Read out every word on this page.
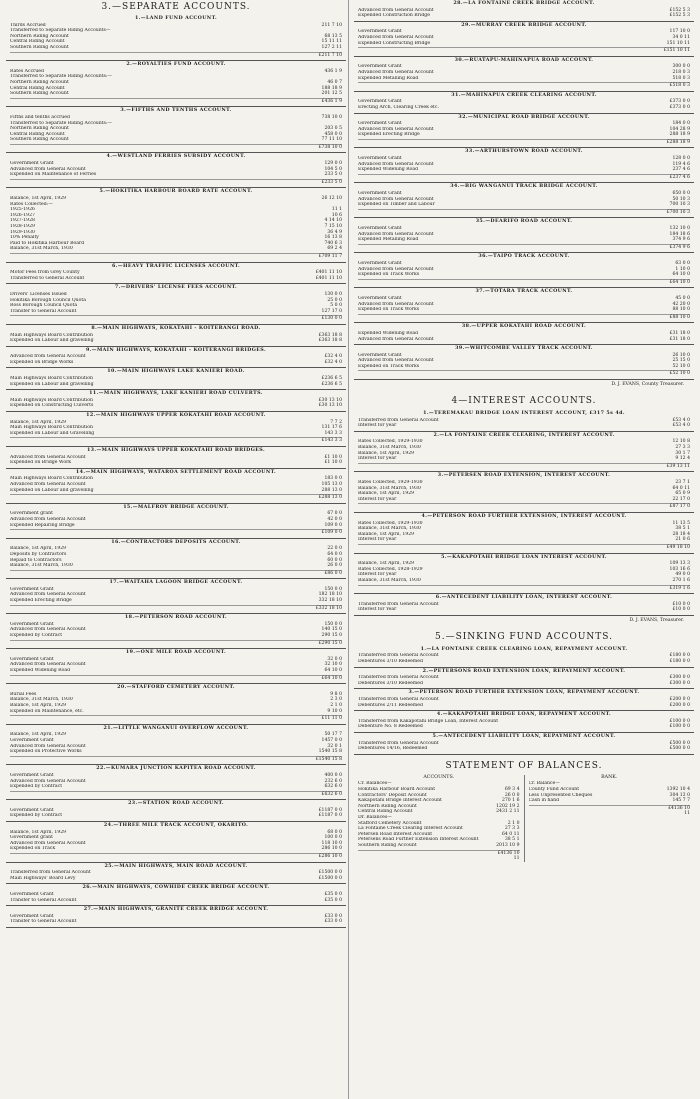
3.—SEPARATE ACCOUNTS.
1.—LAND FUND ACCOUNT.
Thirds Accrued	211 7 10
Transferred to Separate Riding Accounts—
Northern Riding Account	68 13 5
Central Riding Account	15 11 11
Southern Riding Account	127 2 11
£211 7 10
2.—ROYALTIES FUND ACCOUNT.
Rates Accrued	436 1 9
Transferred to Separate Riding Accounts:—
Northern Riding Account	46 0 7
Central Riding Account	188 18 9
Southern Riding Account	201 12 5
£436 1 9
3.—FIFTHS AND TENTHS ACCOUNT.
Fifths and tenths accrued	738 10 0
Transferred to Separate Riding Accounts:—
Northern Riding Account	203 0 5
Central Riding Account	458 0 0
Southern Riding Account	77 11 10
£738 10 0
4.—WESTLAND FERRIES SUBSIDY ACCOUNT.
Government Grant	129 0 0
Advanced from General Account	104 5 0
Expended on Maintenance of Ferries	233 5 0
£233 5 0
5.—HOKITIKA HARBOUR BOARD RATE ACCOUNT.
Balance, 1st April, 1929	26 12 10
Rates Collected:—
1925-1926	11 1
1926-1927	10 6
1927-1928	4 14 10
1928-1929	7 15 10
1929-1930	36 4 9
10% Penalty	16 13 8
Paid to Hokitika Harbour Board	740 6 3
Balance, 31st March, 1930	69 2 4
£709 11 7
6.—HEAVY TRAFFIC LICENSES ACCOUNT.
Motor Fees from Grey County	£401 11 10
Transferred to General Account	£401 11 10
7.—DRIVERS' LICENSE FEES ACCOUNT.
Drivers' Licenses Issued	130 0 0
Hokitika Borough Council Quota	25 0 0
Ross Borough Council Quota	5 0 0
Transfer to General Account	127 17 0
£130 0 0
8.—MAIN HIGHWAYS, KOKATAHI - KOITERANGI ROAD.
Main Highways Board Contribution	£363 18 8
Expended on Labour and gravelling	£363 18 8
9.—MAIN HIGHWAYS, KOKATAHI - KOITERANGI BRIDGES.
Advanced from General Account	£32 4 0
Expended on Bridge Works	£32 4 0
10.—MAIN HIGHWAYS LAKE KANIERI ROAD.
Main Highways Board Contribution	£236 6 5
Expended on Labour and gravelling	£236 6 5
11.—MAIN HIGHWAYS, LAKE KANIERI ROAD CULVERTS.
Main Highways Board Contribution	£30 13 10
Expended on Constructing Culverts	£30 13 10
12.—MAIN HIGHWAYS UPPER KOKATAHI ROAD ACCOUNT.
Balance, 1st April, 1929	7 7 2
Main Highways Board Contribution	131 17 6
Expended on Labour and Gravelling	143 3 3
£143 3 3
13.—MAIN HIGHWAYS UPPER KOKATAHI ROAD BRIDGES.
Advanced from General Account	£1 10 0
Expended on Bridge Work	£1 10 0
14.—MAIN HIGHWAYS, WATAROA SETTLEMENT ROAD ACCOUNT.
Main Highways Board Contribution	183 0 0
Advanced from General Account	105 13 0
Expended on Labour and gravelling	288 13 0
£288 13 0
15.—MALFROY BRIDGE ACCOUNT.
Government grant	67 0 0
Advanced from General Account	42 0 0
Expended Repairing Bridge	109 0 0
£109 0 0
16.—CONTRACTORS DEPOSITS ACCOUNT.
Balance, 1st April, 1929	22 0 0
Deposits by Contractors	64 0 0
Repaid to Contractors	60 0 0
Balance, 31st March, 1930	26 0 0
£86 0 0
17.—WAITAHA LAGOON BRIDGE ACCOUNT.
Government Grant	150 0 0
Advanced from General Account	182 18 10
Expended Erecting Bridge	332 18 10
£332 18 10
18.—PETERSON ROAD ACCOUNT.
Government Grant	150 0 0
Advanced from General Account	140 15 0
Expended by Contract	290 15 0
£290 15 0
19.—ONE MILE ROAD ACCOUNT.
Government Grant	32 0 0
Advanced from General Account	32 10 0
Expended Widening Road	64 10 0
£64 10 0
20.—STAFFORD CEMETERY ACCOUNT.
Burial Fees	9 8 0
Balance, 31st March, 1930	2 3 0
Balance, 1st April, 1929	2 1 0
Expended on Maintenance, etc.	9 10 0
£11 11 0
21.—LITTLE WANGANUI OVERFLOW ACCOUNT.
Balance, 1st April, 1929	50 17 7
Government Grant	1457 0 0
Advanced from General Account	32 0 1
Expended on Protective Works	1540 15 8
£1540 15 8
22.—KUMARA JUNCTION KAPITEA ROAD ACCOUNT.
Government Grant	400 0 0
Advanced from General Account	232 6 0
Expended by Contract	632 6 0
£632 6 0
23.—STATION ROAD ACCOUNT.
Government Grant	£1187 0 0
Expended by Contract	£1187 0 0
24.—THREE MILE TRACK ACCOUNT, OKARITO.
Balance, 1st April, 1929	68 0 0
Government grant	100 0 0
Advanced from General Account	118 10 0
Expended on Track	286 10 0
£286 10 0
25.—MAIN HIGHWAYS, MAIN ROAD ACCOUNT.
Transferred from General Account	£1500 0 0
Main Highways' Board Levy	£1500 0 0
26.—MAIN HIGHWAYS, COWHIDE CREEK BRIDGE ACCOUNT.
Government Grant	£35 0 0
Transfer to General Account	£35 0 0
27.—MAIN HIGHWAYS, GRANITE CREEK BRIDGE ACCOUNT.
Government Grant	£33 0 0
Transfer to General Account	£33 0 0
28.—LA FONTAINE CREEK BRIDGE ACCOUNT.
Advanced from General Account	£152 5 3
Expended Construction Bridge	£152 5 3
29.—MURRAY CREEK BRIDGE ACCOUNT.
Government Grant	117 10 0
Advanced from General Account	34 0 11
Expended Constructing Bridge	151 10 11
£151 10 11
30.—RUATAPU-MAHINAPUA ROAD ACCOUNT.
Government Grant	300 0 0
Advanced from General Account	218 0 3
Expended Metalling Road	518 0 3
£518 0 3
31.—MAHINAPUA CREEK CLEARING ACCOUNT.
Government Grant	£373 0 0
Erecting Arch, Clearing Creek etc.	£373 0 0
32.—MUNICIPAL ROAD BRIDGE ACCOUNT.
Government Grant	184 0 0
Advanced from General Account	104 28 9
Expended Erecting Bridge	288 18 9
£288 18 9
33.—ARTHURSTOWN ROAD ACCOUNT.
Government Grant	128 0 0
Advanced from General Account	119 4 6
Expended Widening Road	237 4 6
£237 4 6
34.—BIG WANGANUI TRACK BRIDGE ACCOUNT.
Government Grant	650 0 0
Advanced from General Account	50 10 3
Expended on Timber and Labour	700 10 3
£700 10 3
35.—DEARIFO ROAD ACCOUNT.
Government Grant	132 10 0
Advanced from General Account	184 18 6
Expended Metalling Road	374 9 6
£374 9 6
36.—TAIPO TRACK ACCOUNT.
Government Grant	63 0 0
Advanced from General Account	1 10 0
Expended on Track Works	64 10 0
£64 10 0
37.—TOTARA TRACK ACCOUNT.
Government Grant	45 0 0
Advanced from General Account	42 20 0
Expended on Track Works	88 10 0
£88 10 0
38.—UPPER KOKATAHI ROAD ACCOUNT.
Expended Widening Road	£31 18 0
Advanced from General Account	£31 18 0
39.—WHITCOMBE VALLEY TRACK ACCOUNT.
Government Grant	26 10 0
Advanced from General Account	25 15 0
Expended on Track Works	52 10 0
£52 10 0
D. J. EVANS, County Treasurer.
4—INTEREST ACCOUNTS.
1.—TEREMAKAU BRIDGE LOAN INTEREST ACCOUNT, £317 5s 4d.
Transferred from General Account	£53 4 0
Interest for year	£53 4 0
2.—LA FONTAINE CREEK CLEARING, INTEREST ACCOUNT.
Rates Collected, 1929-1930	12 10 8
Balance, 31st March, 1930	27 3 3
Balance, 1st April, 1929	30 1 7
Interest for year	9 12 4
£39 13 11
3.—PETERSEN ROAD EXTENSION, INTEREST ACCOUNT.
Rates Collected, 1929-1930	23 7 1
Balance, 31st March, 1930	64 0 11
Balance, 1st April, 1929	65 0 9
Interest for year	22 17 0
£87 17 0
4.—PETERSON ROAD FURTHER EXTENSION, INTEREST ACCOUNT.
Rates Collected, 1929-1930	11 13 5
Balance, 31st March, 1930	38 5 1
Balance, 1st April, 1929	28 18 4
Interest for year	21 0 6
£49 18 10
5.—KAKAPOTAHI BRIDGE LOAN INTEREST ACCOUNT.
Balance, 1st April, 1929	109 13 3
Rates Collected, 1928-1929	103 16 6
Interest for year	49 0 0
Balance, 31st March, 1930	270 1 6
£319 1 6
6.—ANTECEDENT LIABILITY LOAN, INTEREST ACCOUNT.
Transferred from General Account	£10 0 0
Interest for Year	£10 0 0
D. J. EVANS, Treasurer.
5.—SINKING FUND ACCOUNTS.
1.—LA FONTAINE CREEK CLEARING LOAN, REPAYMENT ACCOUNT.
Transferred from General Account	£180 0 0
Debentures 3/10 Redeemed	£180 0 0
2.—PETERSONS ROAD EXTENSION LOAN, REPAYMENT ACCOUNT.
Transferred from General Account	£300 0 0
Debentures 3/10 Redeemed	£300 0 0
3.—PETERSON ROAD FURTHER EXTENSION LOAN, REPAYMENT ACCOUNT.
Transferred from General Account	£200 0 0
Debentures 2/11 Redeemed	£200 0 0
4.—KAKAPOTAHI BRIDGE LOAN, REPAYMENT ACCOUNT.
Transferred from Kakapotahi Bridge Loan, Interest Account	£100 0 0
Debenture No. 8 Redeemed	£100 0 0
5.—ANTECEDENT LIABILITY LOAN, REPAYMENT ACCOUNT.
Transferred from General Account	£500 0 0
Debentures 14/16, Redeemed	£500 0 0
STATEMENT OF BALANCES.
ACCOUNTS.
Cr. Balances—
Hokitika Harbour Board Account	69 3 4
Contractors' Deposit Account	26 0 0
Kakapotahi Bridge Interest Account	270 1 6
Northern Riding Account	1202 19 2
Central Riding Account	2431 2 11
Dr. Balances—
Stafford Cemetery Account	2 1 0
La Fontaine Creek Clearing Interest Account	27 3 3
Petersen Road Interest Account	64 0 11
Petersens Road Further Extension Interest Account	38 5 1
Southern Riding Account	2013 10 9
£4136 10 11
BANK.
Cr. Balance—
County Fund Account	1392 10 4
Less Unpresented Cheques	304 13 0
Cash in hand	145 7 7
£4136 10 11
